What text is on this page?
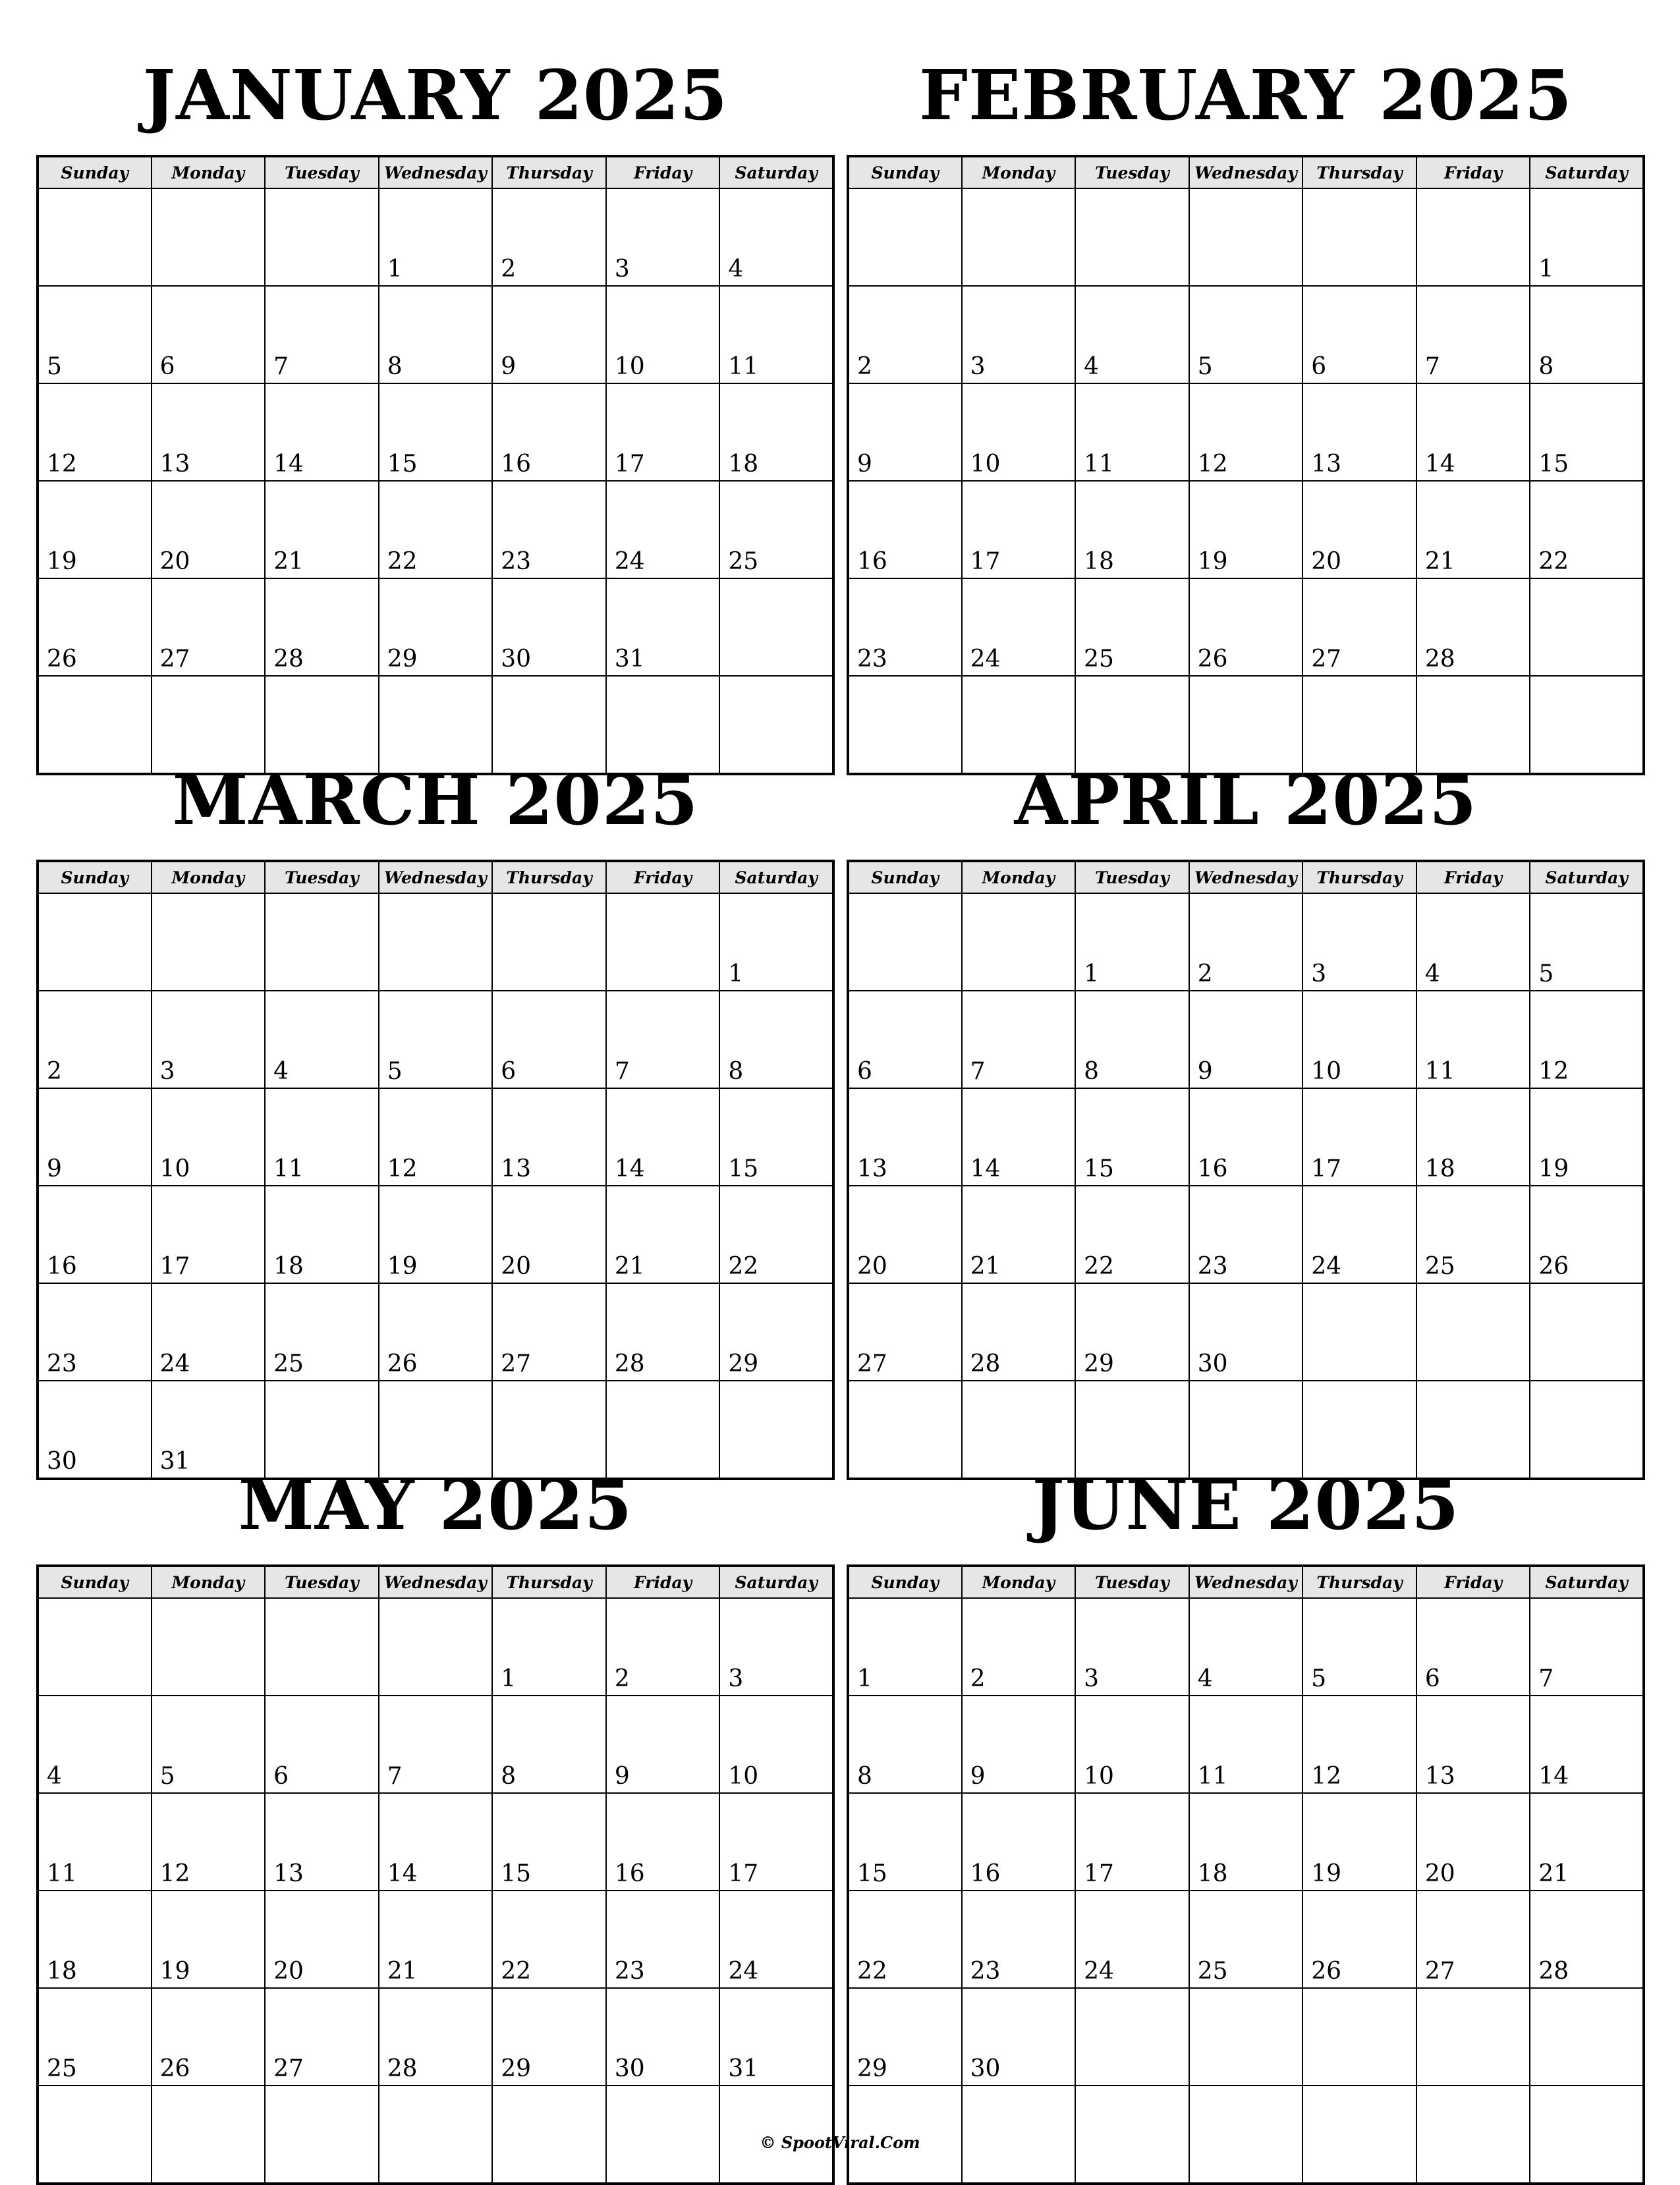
JANUARY 2025
Sunday	Monday	Tuesday	Wednesday	Thursday	Friday	Saturday
			1	2	3	4
5	6	7	8	9	10	11
12	13	14	15	16	17	18
19	20	21	22	23	24	25
26	27	28	29	30	31	

FEBRUARY 2025
Sunday	Monday	Tuesday	Wednesday	Thursday	Friday	Saturday
						1
2	3	4	5	6	7	8
9	10	11	12	13	14	15
16	17	18	19	20	21	22
23	24	25	26	27	28	

MARCH 2025
Sunday	Monday	Tuesday	Wednesday	Thursday	Friday	Saturday
						1
2	3	4	5	6	7	8
9	10	11	12	13	14	15
16	17	18	19	20	21	22
23	24	25	26	27	28	29
30	31					
APRIL 2025
Sunday	Monday	Tuesday	Wednesday	Thursday	Friday	Saturday
		1	2	3	4	5
6	7	8	9	10	11	12
13	14	15	16	17	18	19
20	21	22	23	24	25	26
27	28	29	30			

MAY 2025
Sunday	Monday	Tuesday	Wednesday	Thursday	Friday	Saturday
				1	2	3
4	5	6	7	8	9	10
11	12	13	14	15	16	17
18	19	20	21	22	23	24
25	26	27	28	29	30	31

JUNE 2025
Sunday	Monday	Tuesday	Wednesday	Thursday	Friday	Saturday
1	2	3	4	5	6	7
8	9	10	11	12	13	14
15	16	17	18	19	20	21
22	23	24	25	26	27	28
29	30					

© SpootViral.Com
